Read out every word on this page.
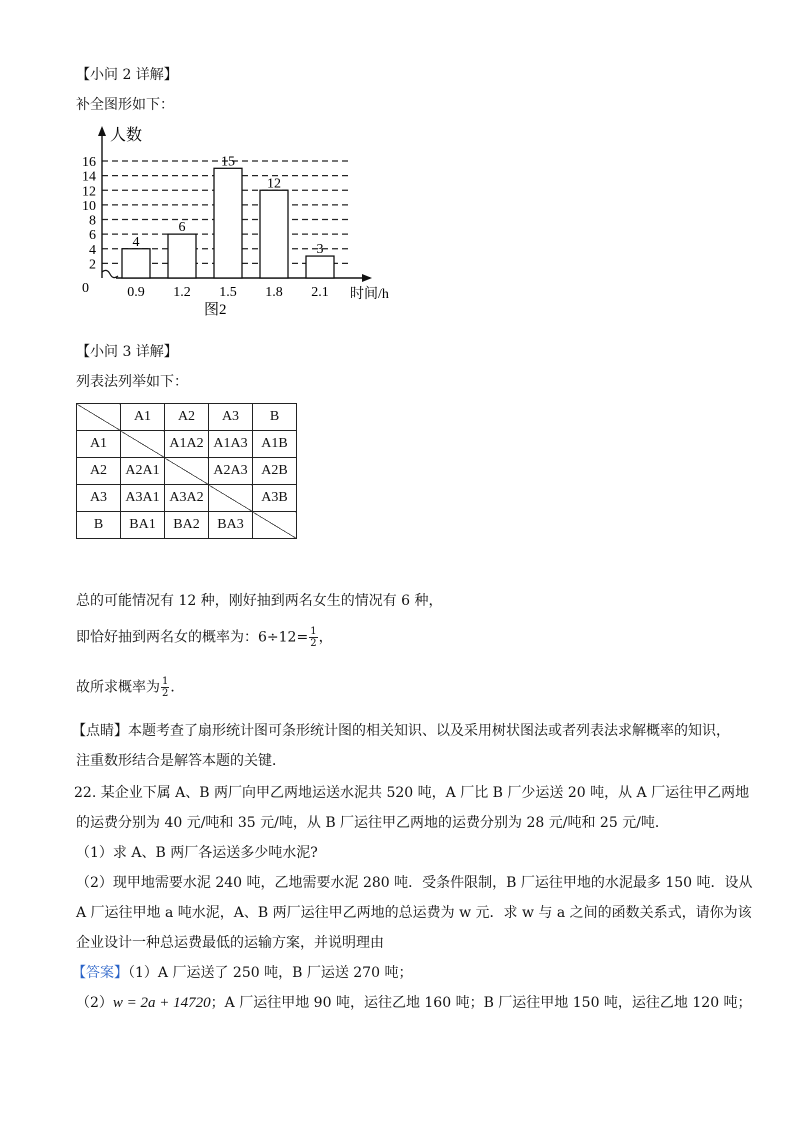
【小问 2 详解】
补全图形如下：
2
4
6
8
10
12
14
16
4
0.9
6
1.2
15
1.5
12
1.8
3
2.1
人数
时间/h
0
图2
【小问 3 详解】
列表法列举如下：
	A1	A2	A3	B
A1		A1A2	A1A3	A1B
A2	A2A1		A2A3	A2B
A3	A3A1	A3A2		A3B
B	BA1	BA2	BA3	
总的可能情况有 12 种，刚好抽到两名女生的情况有 6 种，
即恰好抽到两名女的概率为：$6\div 12= \frac{1}{2}$ ，
故所求概率为 $\frac{1}{2}$ ．
【点睛】本题考查了扇形统计图可条形统计图的相关知识、以及采用树状图法或者列表法求解概率的知识，
注重数形结合是解答本题的关键．
22. 某企业下属 A、B 两厂向甲乙两地运送水泥共 520 吨，A 厂比 B 厂少运送 20 吨，从 A 厂运往甲乙两地
的运费分别为 40 元/吨和 35 元/吨，从 B 厂运往甲乙两地的运费分别为 28 元/吨和 25 元/吨．
（1）求 A、B 两厂各运送多少吨水泥?
（2）现甲地需要水泥 240 吨，乙地需要水泥 280 吨．受条件限制，B 厂运往甲地的水泥最多 150 吨．设从
A 厂运往甲地 a 吨水泥，A、B 两厂运往甲乙两地的总运费为 w 元．求 w 与 a 之间的函数关系式，请你为该
企业设计一种总运费最低的运输方案，并说明理由
【答案】（1）A 厂运送了 250 吨，B 厂运送 270 吨；
（2）w = 2a + 14720；A 厂运往甲地 90 吨，运往乙地 160 吨；B 厂运往甲地 150 吨，运往乙地 120 吨；
